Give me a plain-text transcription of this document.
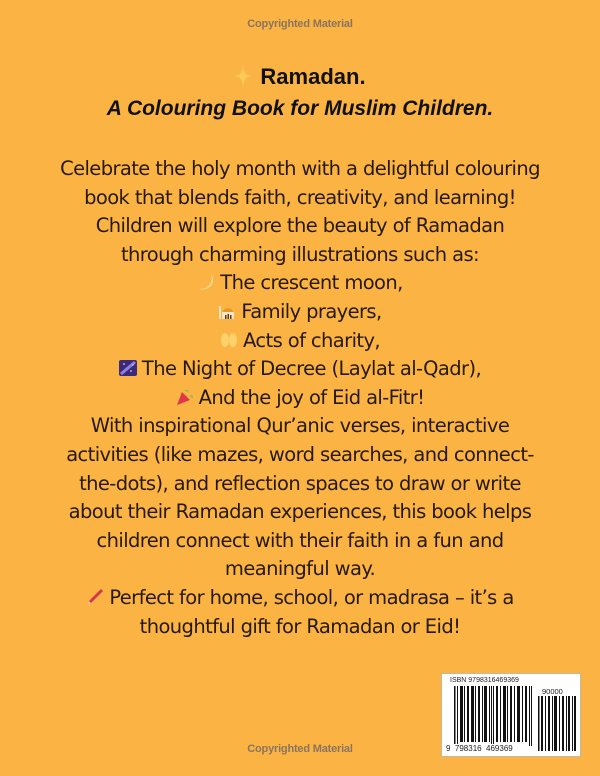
Copyrighted Material
Ramadan.
A Colouring Book for Muslim Children.
Celebrate the holy month with a delightful colouring
book that blends faith, creativity, and learning!
Children will explore the beauty of Ramadan
through charming illustrations such as:
The crescent moon,
Family prayers,
Acts of charity,
The Night of Decree (Laylat al-Qadr),
And the joy of Eid al-Fitr!
With inspirational Qur’anic verses, interactive
activities (like mazes, word searches, and connect-
the-dots), and reflection spaces to draw or write
about their Ramadan experiences, this book helps
children connect with their faith in a fun and
meaningful way.
Perfect for home, school, or madrasa – it’s a
thoughtful gift for Ramadan or Eid!
ISBN 9798316469369
90000
9  798316  469369
Copyrighted Material
